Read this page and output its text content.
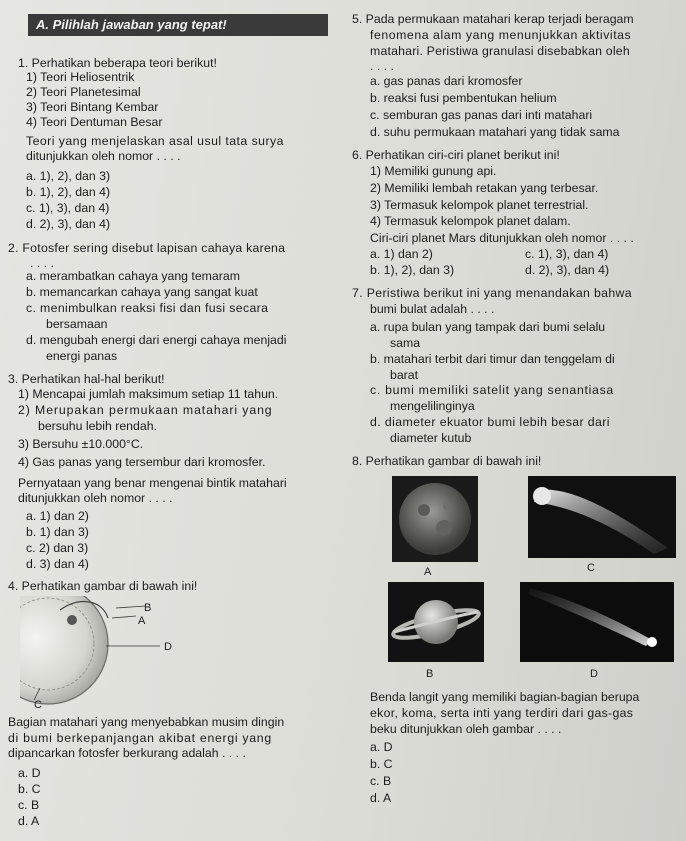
A. Pilihlah jawaban yang tepat!
1. Perhatikan beberapa teori berikut!
1) Teori Heliosentrik
2) Teori Planetesimal
3) Teori Bintang Kembar
4) Teori Dentuman Besar
Teori yang menjelaskan asal usul tata surya
ditunjukkan oleh nomor . . . .
a. 1), 2), dan 3)
b. 1), 2), dan 4)
c. 1), 3), dan 4)
d. 2), 3), dan 4)
2. Fotosfer sering disebut lapisan cahaya karena
. . . .
a. merambatkan cahaya yang temaram
b. memancarkan cahaya yang sangat kuat
c. menimbulkan reaksi fisi dan fusi secara
bersamaan
d. mengubah energi dari energi cahaya menjadi
energi panas
3. Perhatikan hal-hal berikut!
1) Mencapai jumlah maksimum setiap 11 tahun.
2) Merupakan permukaan matahari yang
bersuhu lebih rendah.
3) Bersuhu ±10.000°C.
4) Gas panas yang tersembur dari kromosfer.
Pernyataan yang benar mengenai bintik matahari
ditunjukkan oleh nomor . . . .
a. 1) dan 2)
b. 1) dan 3)
c. 2) dan 3)
d. 3) dan 4)
4. Perhatikan gambar di bawah ini!
B
A
D
C
Bagian matahari yang menyebabkan musim dingin
di bumi berkepanjangan akibat energi yang
dipancarkan fotosfer berkurang adalah . . . .
a. D
b. C
c. B
d. A
5. Pada permukaan matahari kerap terjadi beragam
fenomena alam yang menunjukkan aktivitas
matahari. Peristiwa granulasi disebabkan oleh
. . . .
a. gas panas dari kromosfer
b. reaksi fusi pembentukan helium
c. semburan gas panas dari inti matahari
d. suhu permukaan matahari yang tidak sama
6. Perhatikan ciri-ciri planet berikut ini!
1) Memiliki gunung api.
2) Memiliki lembah retakan yang terbesar.
3) Termasuk kelompok planet terrestrial.
4) Termasuk kelompok planet dalam.
Ciri-ciri planet Mars ditunjukkan oleh nomor . . . .
a. 1) dan 2)	c. 1), 3), dan 4)
b. 1), 2), dan 3)	d. 2), 3), dan 4)
7. Peristiwa berikut ini yang menandakan bahwa
bumi bulat adalah . . . .
a. rupa bulan yang tampak dari bumi selalu
sama
b. matahari terbit dari timur dan tenggelam di
barat
c. bumi memiliki satelit yang senantiasa
mengelilinginya
d. diameter ekuator bumi lebih besar dari
diameter kutub
8. Perhatikan gambar di bawah ini!
A	C
B	D
Benda langit yang memiliki bagian-bagian berupa
ekor, koma, serta inti yang terdiri dari gas-gas
beku ditunjukkan oleh gambar . . . .
a. D
b. C
c. B
d. A
